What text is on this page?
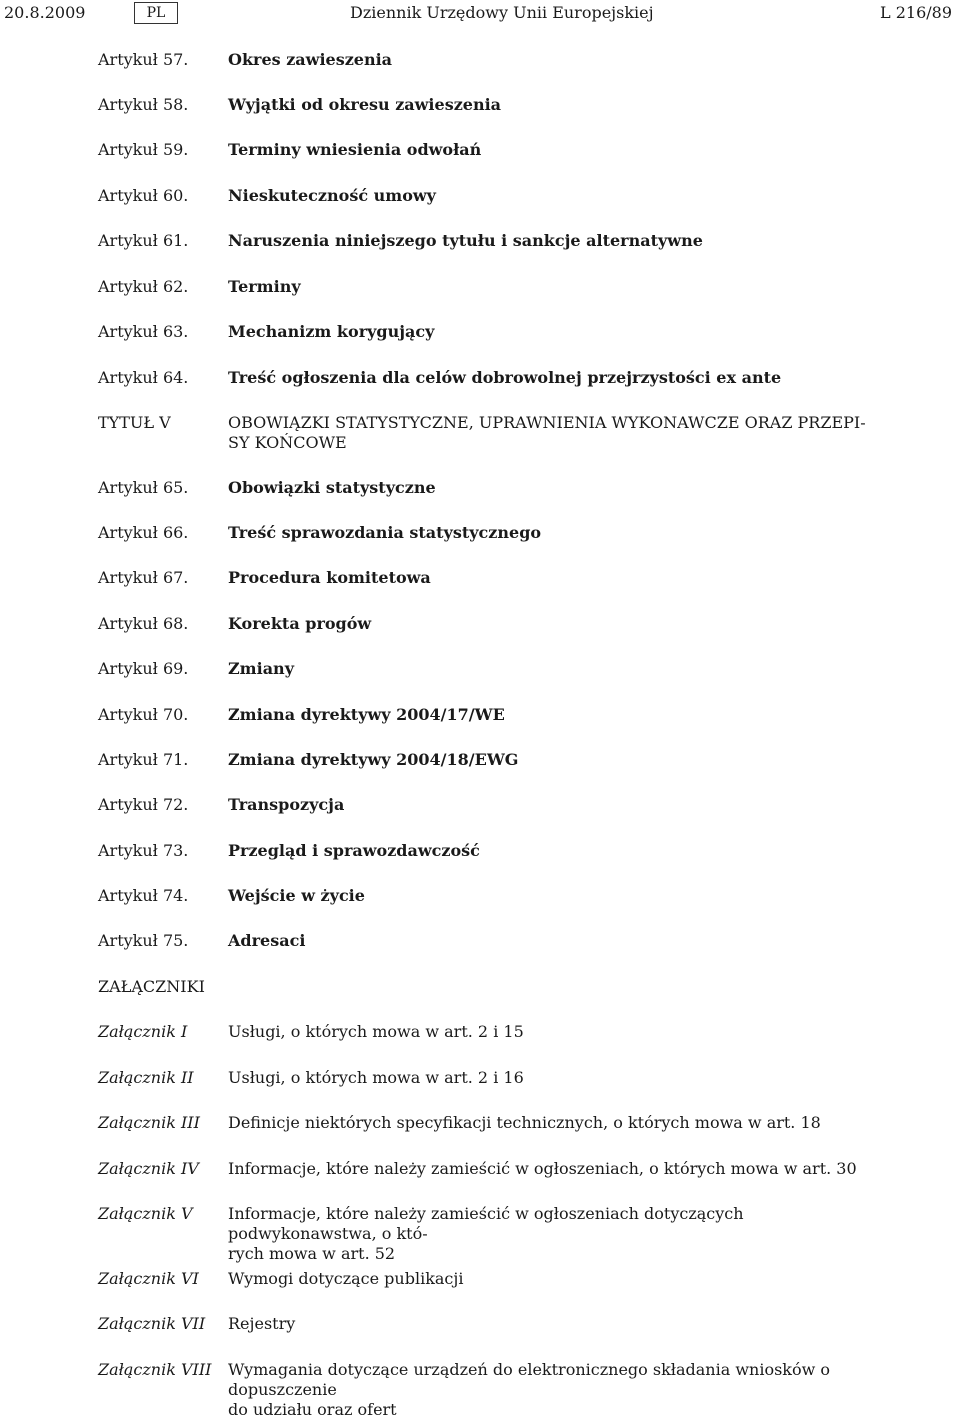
20.8.2009	PL	Dziennik Urzędowy Unii Europejskiej	L 216/89
Artykuł 57. Okres zawieszenia
Artykuł 58. Wyjątki od okresu zawieszenia
Artykuł 59. Terminy wniesienia odwołań
Artykuł 60. Nieskuteczność umowy
Artykuł 61. Naruszenia niniejszego tytułu i sankcje alternatywne
Artykuł 62. Terminy
Artykuł 63. Mechanizm korygujący
Artykuł 64. Treść ogłoszenia dla celów dobrowolnej przejrzystości ex ante
TYTUŁ V	OBOWIĄZKI STATYSTYCZNE, UPRAWNIENIA WYKONAWCZE ORAZ PRZEPI-
SY KOŃCOWE
Artykuł 65. Obowiązki statystyczne
Artykuł 66. Treść sprawozdania statystycznego
Artykuł 67. Procedura komitetowa
Artykuł 68. Korekta progów
Artykuł 69. Zmiany
Artykuł 70. Zmiana dyrektywy 2004/17/WE
Artykuł 71. Zmiana dyrektywy 2004/18/EWG
Artykuł 72. Transpozycja
Artykuł 73. Przegląd i sprawozdawczość
Artykuł 74. Wejście w życie
Artykuł 75. Adresaci
ZAŁĄCZNIKI
Załącznik I	Usługi, o których mowa w art. 2 i 15
Załącznik II Usługi, o których mowa w art. 2 i 16
Załącznik III Definicje niektórych specyfikacji technicznych, o których mowa w art. 18
Załącznik IV Informacje, które należy zamieścić w ogłoszeniach, o których mowa w art. 30
Załącznik V Informacje, które należy zamieścić w ogłoszeniach dotyczących podwykonawstwa, o któ-
rych mowa w art. 52
Załącznik VI Wymogi dotyczące publikacji
Załącznik VII Rejestry
Załącznik VIII Wymagania dotyczące urządzeń do elektronicznego składania wniosków o dopuszczenie
do udziału oraz ofert
